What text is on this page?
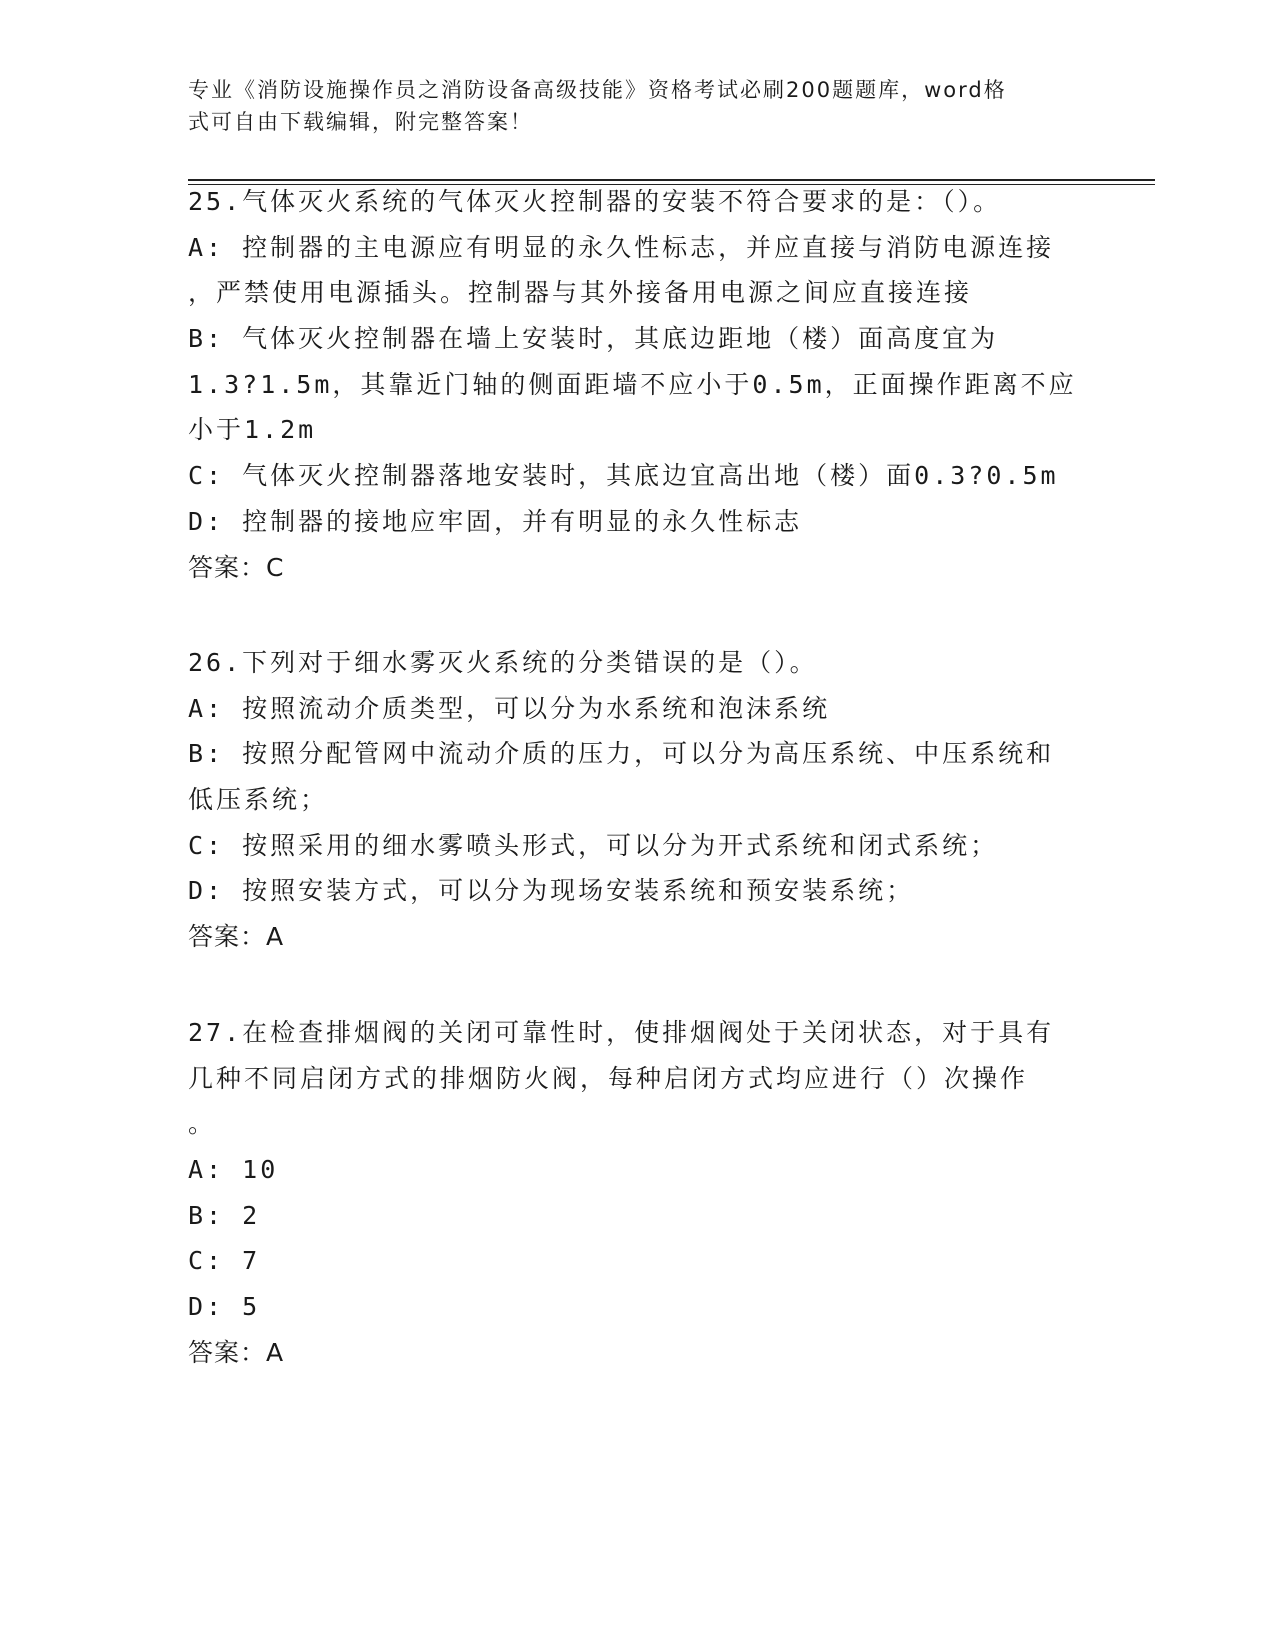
专业《消防设施操作员之消防设备高级技能》资格考试必刷200题题库，word格
式可自由下载编辑，附完整答案！
25.气体灭火系统的气体灭火控制器的安装不符合要求的是：（）。
A: 控制器的主电源应有明显的永久性标志，并应直接与消防电源连接
，严禁使用电源插头。控制器与其外接备用电源之间应直接连接
B: 气体灭火控制器在墙上安装时，其底边距地（楼）面高度宜为
1.3?1.5m，其靠近门轴的侧面距墙不应小于0.5m，正面操作距离不应
小于1.2m
C: 气体灭火控制器落地安装时，其底边宜高出地（楼）面0.3?0.5m
D: 控制器的接地应牢固，并有明显的永久性标志
答案：C
26.下列对于细水雾灭火系统的分类错误的是（）。
A: 按照流动介质类型，可以分为水系统和泡沫系统
B: 按照分配管网中流动介质的压力，可以分为高压系统、中压系统和
低压系统；
C: 按照采用的细水雾喷头形式，可以分为开式系统和闭式系统；
D: 按照安装方式，可以分为现场安装系统和预安装系统；
答案：A
27.在检查排烟阀的关闭可靠性时，使排烟阀处于关闭状态，对于具有
几种不同启闭方式的排烟防火阀，每种启闭方式均应进行（）次操作
。
A: 10
B: 2
C: 7
D: 5
答案：A
